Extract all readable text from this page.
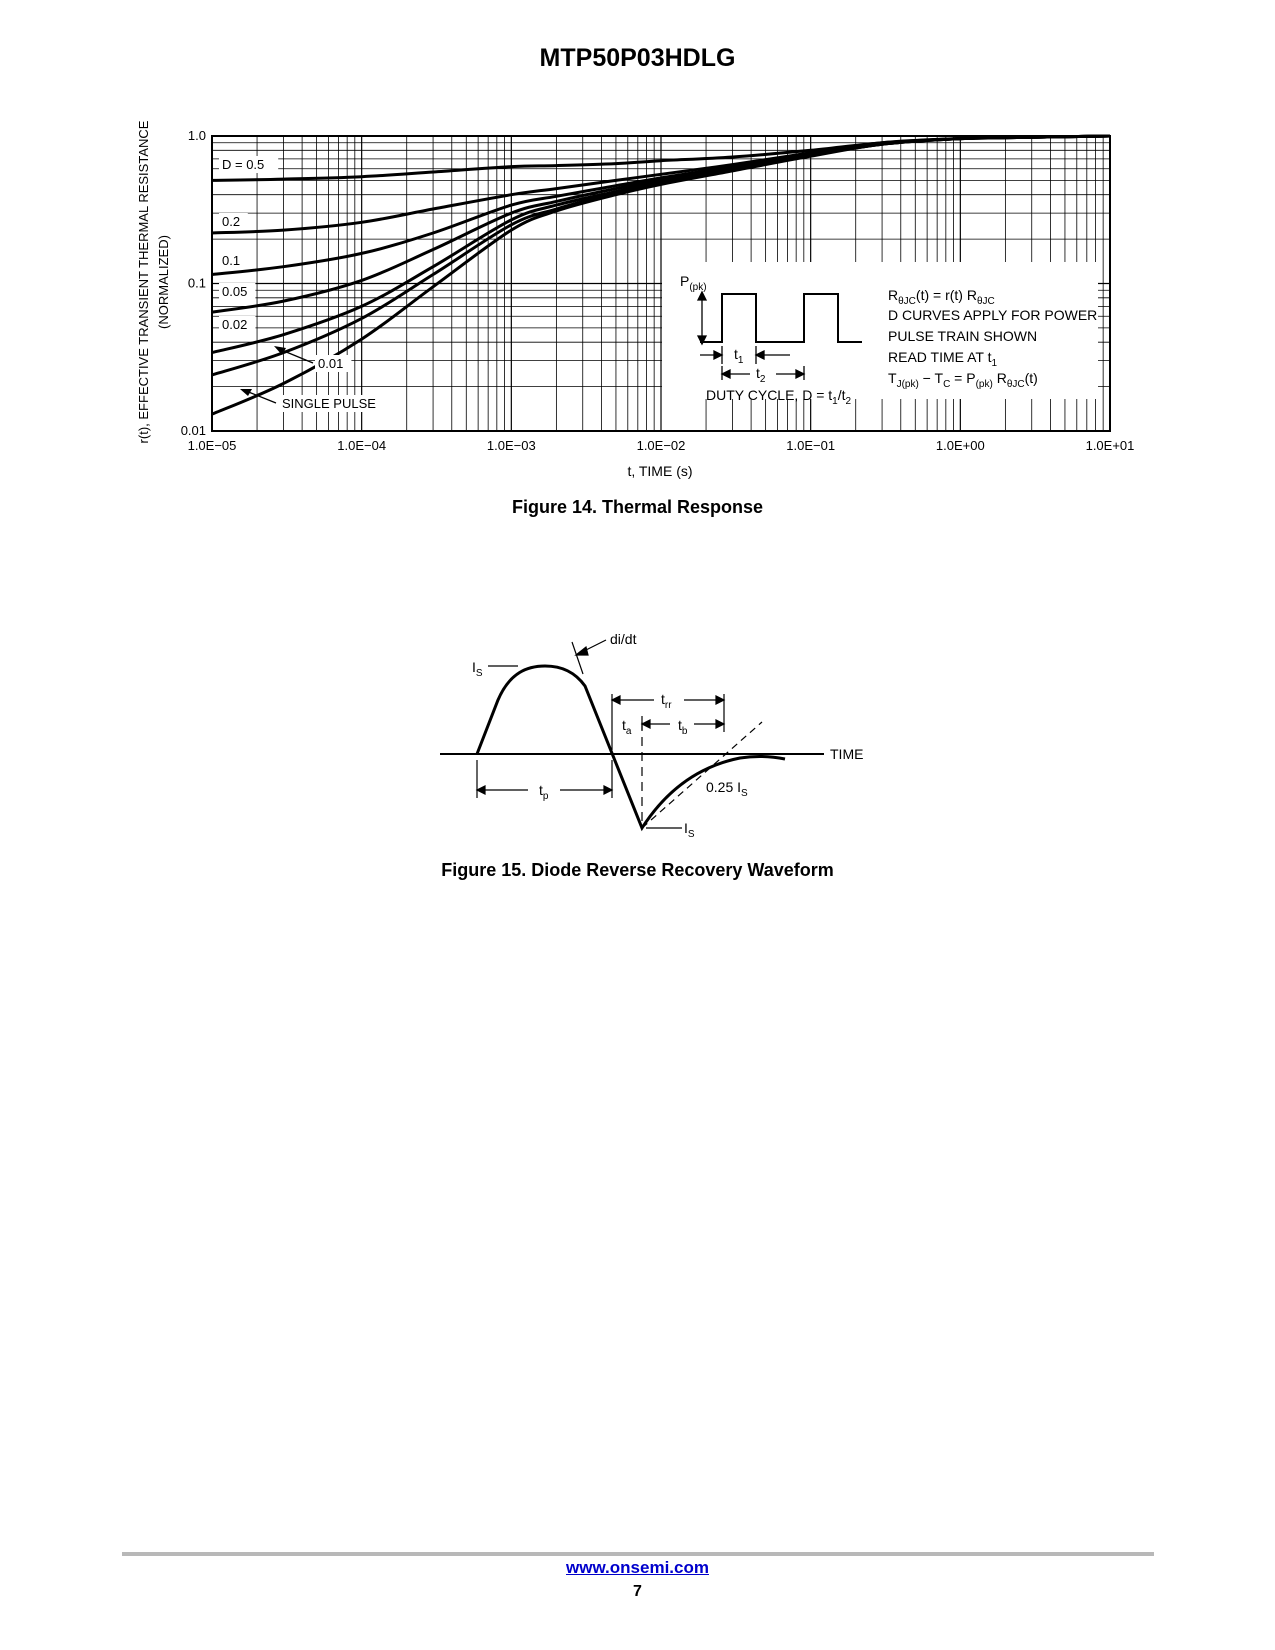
MTP50P03HDLG
1.0E−05	1.0E−04	1.0E−03	1.0E−02	1.0E−01	1.0E+00	1.0E+01
0.01
0.1
1.0
r(t), EFFECTIVE TRANSIENT THERMAL RESISTANCE (NORMALIZED)
t, TIME (s)
D = 0.5
0.2
0.1
0.05
0.02
0.01
SINGLE PULSE
$P_{(pk)}$
$t_1$
$t_2$
DUTY CYCLE, $D = t_1/t_2$
$R_{\theta JC}(t) = r(t)$ $R_{\theta JC}$
D CURVES APPLY FOR POWER
PULSE TRAIN SHOWN
READ TIME AT $t_1$
$T_{J(pk)} - T_C = P_{(pk)}$ $R_{\theta JC}(t)$
Figure 14. Thermal Response
TIME
$I_S$
di/dt
$t_{rr}$
$t_a$	$t_b$
$t_p$
0.25 $I_S$
$I_S$
Figure 15. Diode Reverse Recovery Waveform
www.onsemi.com
7
